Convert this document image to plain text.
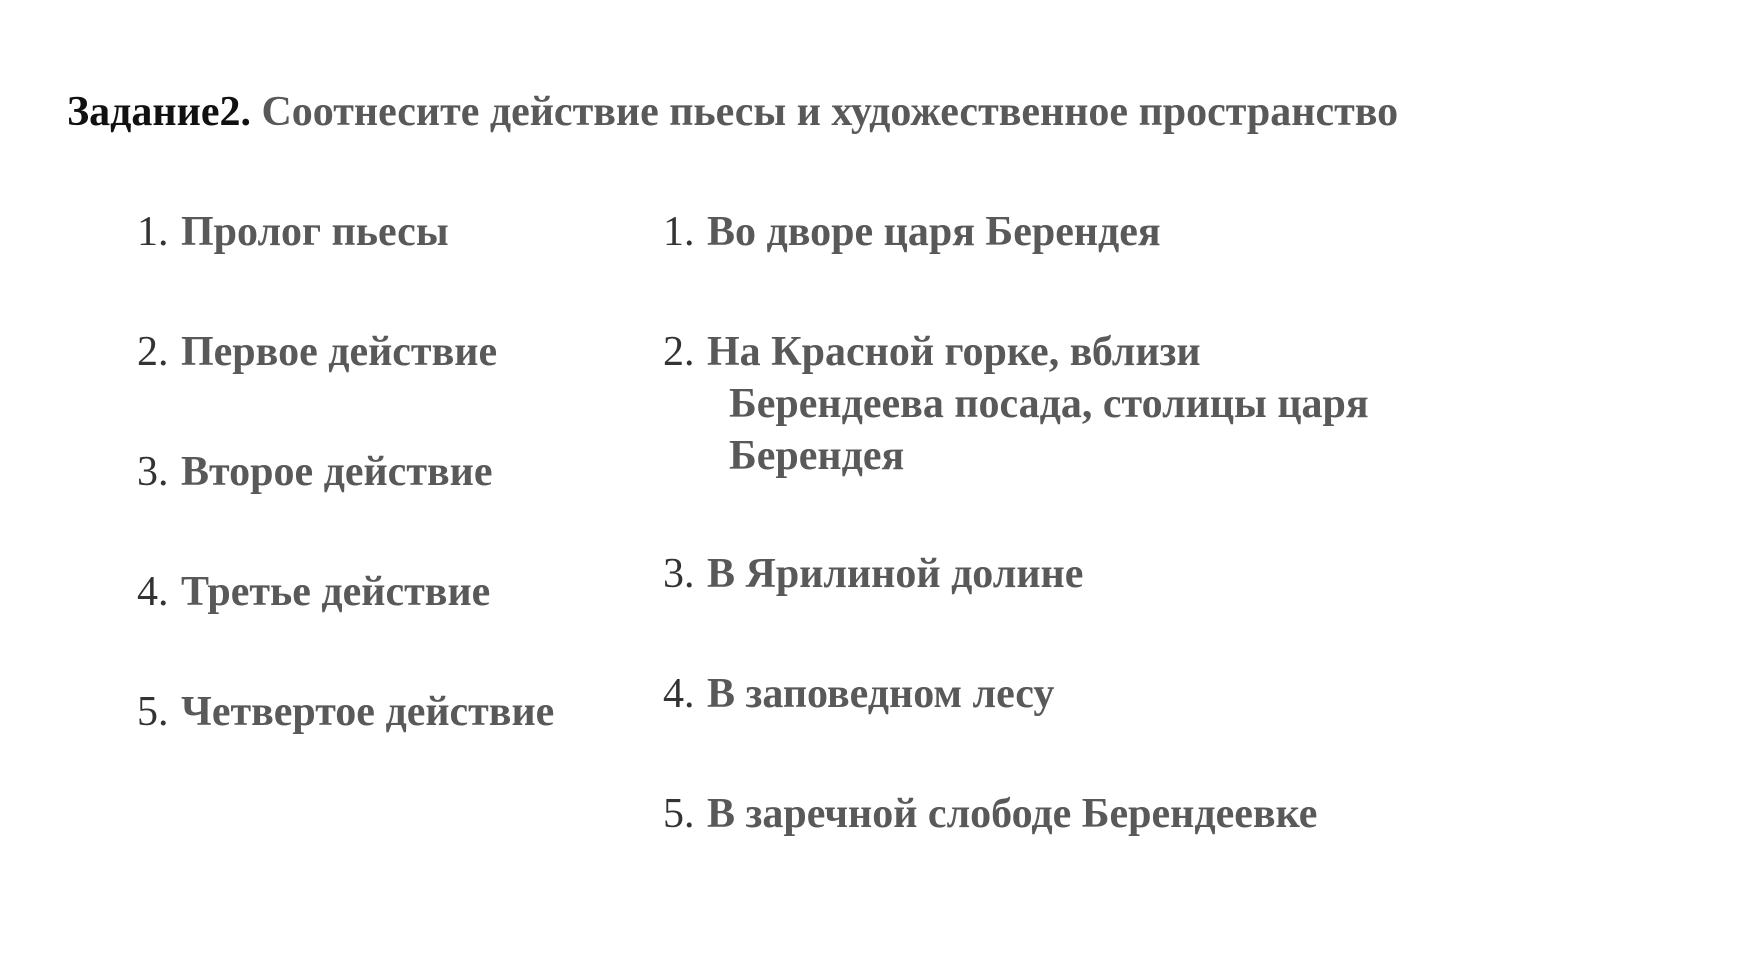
Задание2. Соотнесите действие пьесы и художественное пространство
1. Пролог пьесы
2. Первое действие
3. Второе действие
4. Третье действие
5. Четвертое действие
1. Во дворе царя Берендея
2. На Красной горке, вблизи
Берендеева посада, столицы царя
Берендея
3. В Ярилиной долине
4. В заповедном лесу
5. В заречной слободе Берендеевке
